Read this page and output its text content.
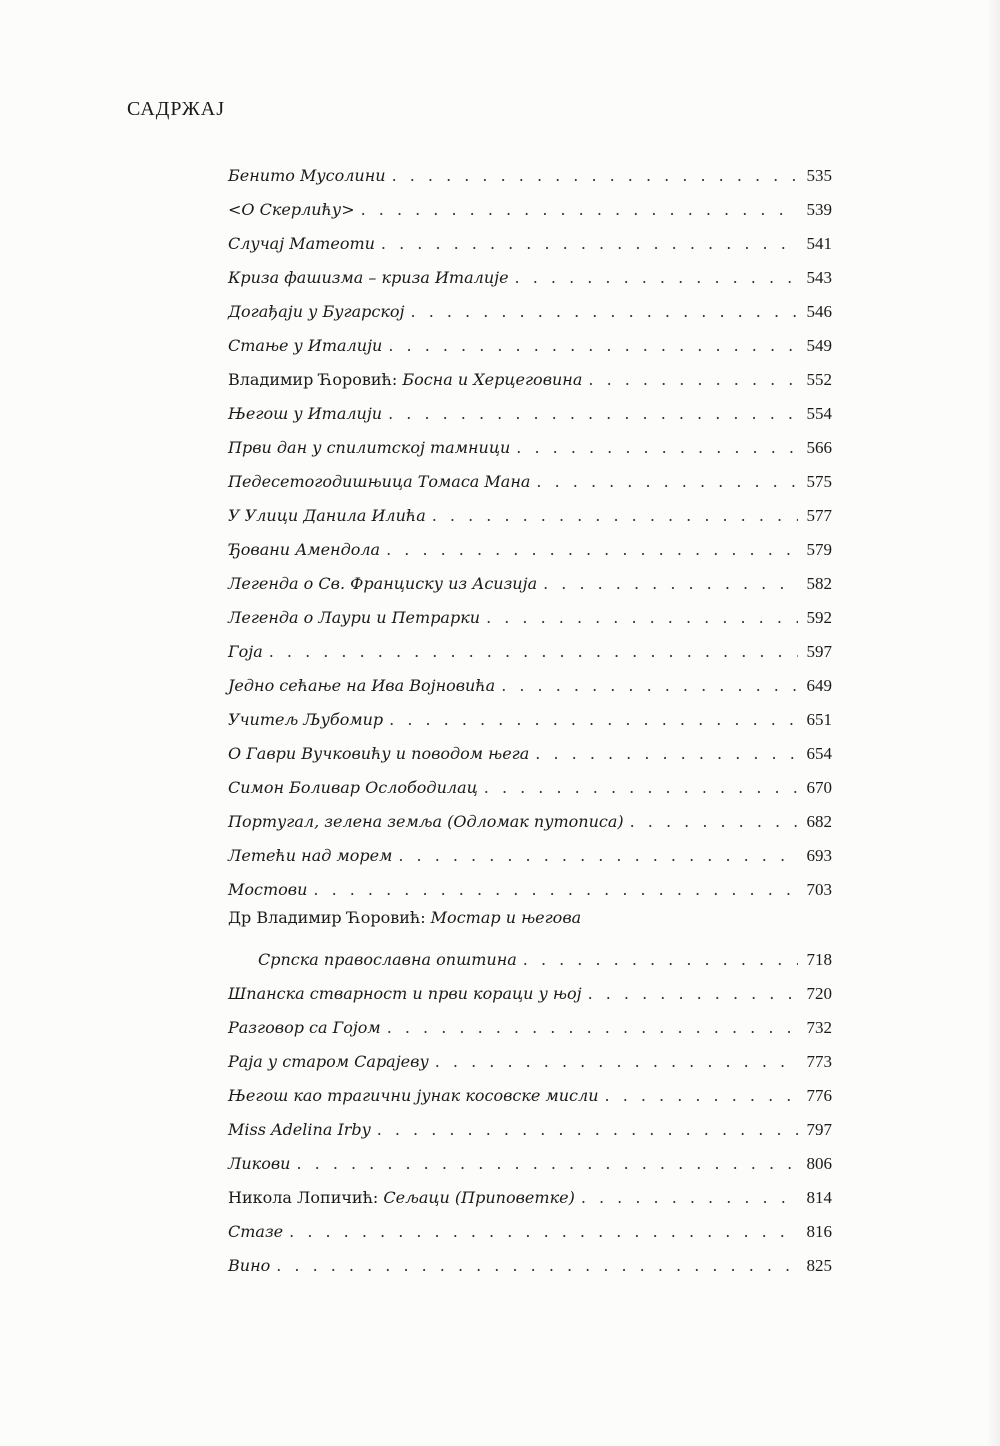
САДРЖАЈ
Бенито Мусолини . . .	535
<О Скерлићу> . . .	539
Случај Матеоти . . .	541
Криза фашизма – криза Италије . . .	543
Догађаји у Бугарској . . .	546
Стање у Италији . . .	549
Владимир Ћоровић: Босна и Херцеговина . . .	552
Његош у Италији . . .	554
Први дан у спилитској тамници . . .	566
Педесетогодишњица Томаса Мана . . .	575
У Улици Данила Илића . . .	577
Ђовани Амендола . . .	579
Легенда о Св. Франциску из Асизија . . .	582
Легенда о Лаури и Петрарки . . .	592
Гоја . . .	597
Једно сећање на Ива Војновића . . .	649
Учитељ Љубомир . . .	651
О Гаври Вучковићу и поводом њега . . .	654
Симон Боливар Ослободилац . . .	670
Португал, зелена земља (Одломак путописа) . . .	682
Летећи над морем . . .	693
Мостови . . .	703
Др Владимир Ћоровић: Мостар и његова
Српска православна општина . . .	718
Шпанска стварност и први кораци у њој . . .	720
Разговор са Гојом . . .	732
Раја у старом Сарајеву . . .	773
Његош као трагични јунак косовске мисли . . .	776
Miss Adelina Irby . . .	797
Ликови . . .	806
Никола Лопичић: Сељаци (Приповетке) . . .	814
Стазе . . .	816
Вино . . .	825
